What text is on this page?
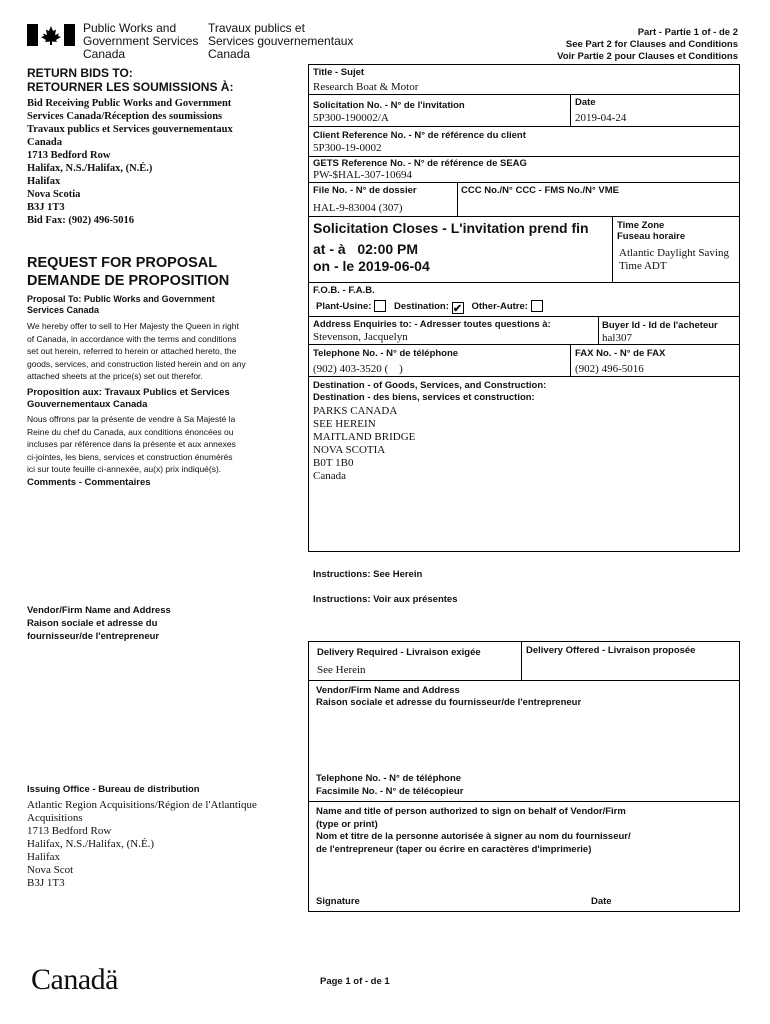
Public Works and
Government Services
Canada
Travaux publics et
Services gouvernementaux
Canada
Part - Partie 1 of - de 2
See Part 2 for Clauses and Conditions
Voir Partie 2 pour Clauses et Conditions
RETURN BIDS TO:
RETOURNER LES SOUMISSIONS À:
Bid Receiving Public Works and Government
Services Canada/Réception des soumissions
Travaux publics et Services gouvernementaux
Canada
1713 Bedford Row
Halifax, N.S./Halifax, (N.É.)
Halifax
Nova Scotia
B3J 1T3
Bid Fax: (902) 496-5016
REQUEST FOR PROPOSAL
DEMANDE DE PROPOSITION
Proposal To: Public Works and Government
Services Canada
We hereby offer to sell to Her Majesty the Queen in right
of Canada, in accordance with the terms and conditions
set out herein, referred to herein or attached hereto, the
goods, services, and construction listed herein and on any
attached sheets at the price(s) set out therefor.
Proposition aux: Travaux Publics et Services
Gouvernementaux Canada
Nous offrons par la présente de vendre à Sa Majesté la
Reine du chef du Canada, aux conditions énoncées ou
incluses par référence dans la présente et aux annexes
ci-jointes, les biens, services et construction énumérés
ici sur toute feuille ci-annexée, au(x) prix indiqué(s).
Comments - Commentaires
Vendor/Firm Name and Address
Raison sociale et adresse du
fournisseur/de l'entrepreneur
Issuing Office - Bureau de distribution
Atlantic Region Acquisitions/Région de l'Atlantique
Acquisitions
1713 Bedford Row
Halifax, N.S./Halifax, (N.É.)
Halifax
Nova Scot
B3J 1T3
Title - Sujet
Research Boat & Motor
Solicitation No. - N° de l'invitation
5P300-190002/A
Date
2019-04-24
Client Reference No. - N° de référence du client
5P300-19-0002
GETS Reference No. - N° de référence de SEAG
PW-$HAL-307-10694
File No. - N° de dossier
HAL-9-83004 (307)
CCC No./N° CCC - FMS No./N° VME
Solicitation Closes - L'invitation prend fin
at - à 02:00 PM
on - le 2019-06-04
Time Zone
Fuseau horaire
Atlantic Daylight Saving
Time ADT
F.O.B. - F.A.B.
Plant-Usine: Destination: ✔ Other-Autre:
Address Enquiries to: - Adresser toutes questions à:
Stevenson, Jacquelyn
Buyer Id - Id de l'acheteur
hal307
Telephone No. - N° de téléphone
(902) 403-3520 (    )
FAX No. - N° de FAX
(902) 496-5016
Destination - of Goods, Services, and Construction:
Destination - des biens, services et construction:
PARKS CANADA
SEE HEREIN
MAITLAND BRIDGE
NOVA SCOTIA
B0T 1B0
Canada
Instructions: See Herein
Instructions: Voir aux présentes
Delivery Required - Livraison exigée
See Herein
Delivery Offered - Livraison proposée
Vendor/Firm Name and Address
Raison sociale et adresse du fournisseur/de l'entrepreneur
Telephone No. - N° de téléphone
Facsimile No. - N° de télécopieur
Name and title of person authorized to sign on behalf of Vendor/Firm
(type or print)
Nom et titre de la personne autorisée à signer au nom du fournisseur/
de l'entrepreneur (taper ou écrire en caractères d'imprimerie)
Signature	Date
Page 1 of - de 1
Canadä
